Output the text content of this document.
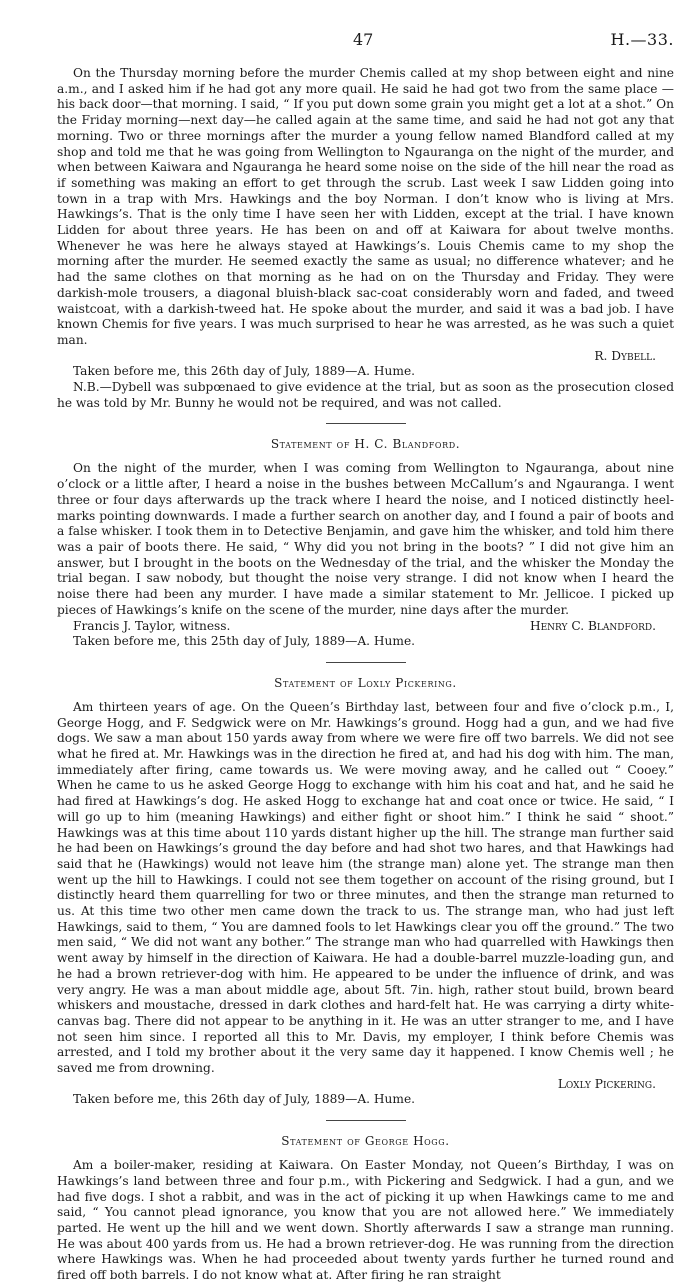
47	H.—33.

On the Thursday morning before the murder Chemis called at my shop between eight and nine a.m., and I asked him if he had got any more quail. He said he had got two from the same place —his back door—that morning. I said, “ If you put down some grain you might get a lot at a shot.” On the Friday morning—next day—he called again at the same time, and said he had not got any that morning. Two or three mornings after the murder a young fellow named Blandford called at my shop and told me that he was going from Wellington to Ngauranga on the night of the murder, and when between Kaiwara and Ngauranga he heard some noise on the side of the hill near the road as if something was making an effort to get through the scrub. Last week I saw Lidden going into town in a trap with Mrs. Hawkings and the boy Norman. I don’t know who is living at Mrs. Hawkings’s. That is the only time I have seen her with Lidden, except at the trial. I have known Lidden for about three years. He has been on and off at Kaiwara for about twelve months. Whenever he was here he always stayed at Hawkings’s. Louis Chemis came to my shop the morning after the murder. He seemed exactly the same as usual; no difference whatever; and he had the same clothes on that morning as he had on on the Thursday and Friday. They were darkish-mole trousers, a diagonal bluish-black sac-coat considerably worn and faded, and tweed waistcoat, with a darkish-tweed hat. He spoke about the murder, and said it was a bad job. I have known Chemis for five years. I was much surprised to hear he was arrested, as he was such a quiet man.

R. Dybell.

Taken before me, this 26th day of July, 1889—A. Hume.

N.B.—Dybell was subpœnaed to give evidence at the trial, but as soon as the prosecution closed he was told by Mr. Bunny he would not be required, and was not called.

Statement of H. C. Blandford.

On the night of the murder, when I was coming from Wellington to Ngauranga, about nine o’clock or a little after, I heard a noise in the bushes between McCallum’s and Ngauranga. I went three or four days afterwards up the track where I heard the noise, and I noticed distinctly heel-marks pointing downwards. I made a further search on another day, and I found a pair of boots and a false whisker. I took them in to Detective Benjamin, and gave him the whisker, and told him there was a pair of boots there. He said, “ Why did you not bring in the boots? ” I did not give him an answer, but I brought in the boots on the Wednesday of the trial, and the whisker the Monday the trial began. I saw nobody, but thought the noise very strange. I did not know when I heard the noise there had been any murder. I have made a similar statement to Mr. Jellicoe. I picked up pieces of Hawkings’s knife on the scene of the murder, nine days after the murder.

Francis J. Taylor, witness.	Henry C. Blandford.

Taken before me, this 25th day of July, 1889—A. Hume.

Statement of Loxly Pickering.

Am thirteen years of age. On the Queen’s Birthday last, between four and five o’clock p.m., I, George Hogg, and F. Sedgwick were on Mr. Hawkings’s ground. Hogg had a gun, and we had five dogs. We saw a man about 150 yards away from where we were fire off two barrels. We did not see what he fired at. Mr. Hawkings was in the direction he fired at, and had his dog with him. The man, immediately after firing, came towards us. We were moving away, and he called out “ Cooey.” When he came to us he asked George Hogg to exchange with him his coat and hat, and he said he had fired at Hawkings’s dog. He asked Hogg to exchange hat and coat once or twice. He said, “ I will go up to him (meaning Hawkings) and either fight or shoot him.” I think he said “ shoot.” Hawkings was at this time about 110 yards distant higher up the hill. The strange man further said he had been on Hawkings’s ground the day before and had shot two hares, and that Hawkings had said that he (Hawkings) would not leave him (the strange man) alone yet. The strange man then went up the hill to Hawkings. I could not see them together on account of the rising ground, but I distinctly heard them quarrelling for two or three minutes, and then the strange man returned to us. At this time two other men came down the track to us. The strange man, who had just left Hawkings, said to them, “ You are damned fools to let Hawkings clear you off the ground.” The two men said, “ We did not want any bother.” The strange man who had quarrelled with Hawkings then went away by himself in the direction of Kaiwara. He had a double-barrel muzzle-loading gun, and he had a brown retriever-dog with him. He appeared to be under the influence of drink, and was very angry. He was a man about middle age, about 5ft. 7in. high, rather stout build, brown beard whiskers and moustache, dressed in dark clothes and hard-felt hat. He was carrying a dirty white-canvas bag. There did not appear to be anything in it. He was an utter stranger to me, and I have not seen him since. I reported all this to Mr. Davis, my employer, I think before Chemis was arrested, and I told my brother about it the very same day it happened. I know Chemis well ; he saved me from drowning.

Loxly Pickering.

Taken before me, this 26th day of July, 1889—A. Hume.

Statement of George Hogg.

Am a boiler-maker, residing at Kaiwara. On Easter Monday, not Queen’s Birthday, I was on Hawkings’s land between three and four p.m., with Pickering and Sedgwick. I had a gun, and we had five dogs. I shot a rabbit, and was in the act of picking it up when Hawkings came to me and said, “ You cannot plead ignorance, you know that you are not allowed here.” We immediately parted. He went up the hill and we went down. Shortly afterwards I saw a strange man running. He was about 400 yards from us. He had a brown retriever-dog. He was running from the direction where Hawkings was. When he had proceeded about twenty yards further he turned round and fired off both barrels. I do not know what at. After firing he ran straight
